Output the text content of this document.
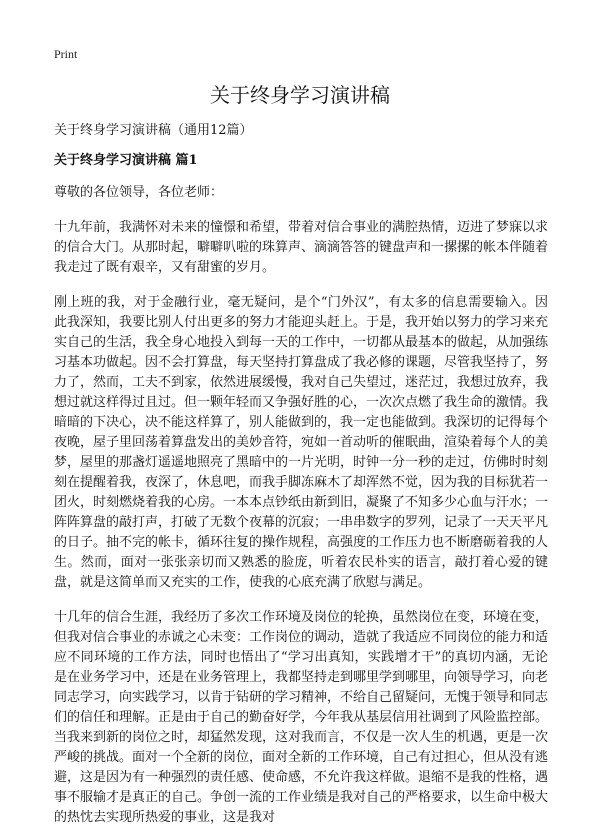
Print
关于终身学习演讲稿

关于终身学习演讲稿（通用12篇）

关于终身学习演讲稿 篇1

尊敬的各位领导，各位老师：

十九年前，我满怀对未来的憧憬和希望，带着对信合事业的满腔热情，迈进了梦寐以求的信合大门。从那时起，噼噼叭啦的珠算声、滴滴答答的键盘声和一摞摞的帐本伴随着我走过了既有艰辛，又有甜蜜的岁月。

刚上班的我，对于金融行业，毫无疑问，是个“门外汉”，有太多的信息需要输入。因此我深知，我要比别人付出更多的努力才能迎头赶上。于是，我开始以努力的学习来充实自己的生活，我全身心地投入到每一天的工作中，一切都从最基本的做起，从加强练习基本功做起。因不会打算盘，每天坚持打算盘成了我必修的课题，尽管我坚持了，努力了，然而，工夫不到家，依然进展缓慢，我对自己失望过，迷茫过，我想过放弃，我想过就这样得过且过。但一颗年轻而又争强好胜的心，一次次点燃了我生命的激情。我暗暗的下决心，决不能这样算了，别人能做到的，我一定也能做到。我深切的记得每个夜晚，屋子里回荡着算盘发出的美妙音符，宛如一首动听的催眠曲，渲染着每个人的美梦，屋里的那盏灯遥遥地照亮了黑暗中的一片光明，时钟一分一秒的走过，仿佛时时刻刻在提醒着我，夜深了，休息吧，而我手脚冻麻木了却浑然不觉，因为我的目标犹若一团火，时刻燃烧着我的心房。一本本点钞纸由新到旧，凝聚了不知多少心血与汗水；一阵阵算盘的敲打声，打破了无数个夜幕的沉寂；一串串数字的罗列，记录了一天天平凡的日子。抽不完的帐卡，循环往复的操作规程，高强度的工作压力也不断磨砺着我的人生。然而，面对一张张亲切而又熟悉的脸庞，听着农民朴实的语言，敲打着心爱的键盘，就是这简单而又充实的工作，使我的心底充满了欣慰与满足。

十几年的信合生涯，我经历了多次工作环境及岗位的轮换，虽然岗位在变，环境在变，但我对信合事业的赤诚之心未变：工作岗位的调动，造就了我适应不同岗位的能力和适应不同环境的工作方法，同时也悟出了“学习出真知，实践增才干”的真切内涵，无论是在业务学习中，还是在业务管理上，我都坚持走到哪里学到哪里，向领导学习，向老同志学习，向实践学习，以肯于钻研的学习精神，不给自己留疑问，无愧于领导和同志们的信任和理解。正是由于自己的勤奋好学，今年我从基层信用社调到了风险监控部。当我来到新的岗位之时，却猛然发现，这对我而言，不仅是一次人生的机遇，更是一次严峻的挑战。面对一个全新的岗位，面对全新的工作环境，自己有过担心，但从没有逃避，这是因为有一种强烈的责任感、使命感，不允许我这样做。退缩不是我的性格，遇事不服输才是真正的自己。争创一流的工作业绩是我对自己的严格要求，以生命中极大的热忱去实现所热爱的事业，这是我对
